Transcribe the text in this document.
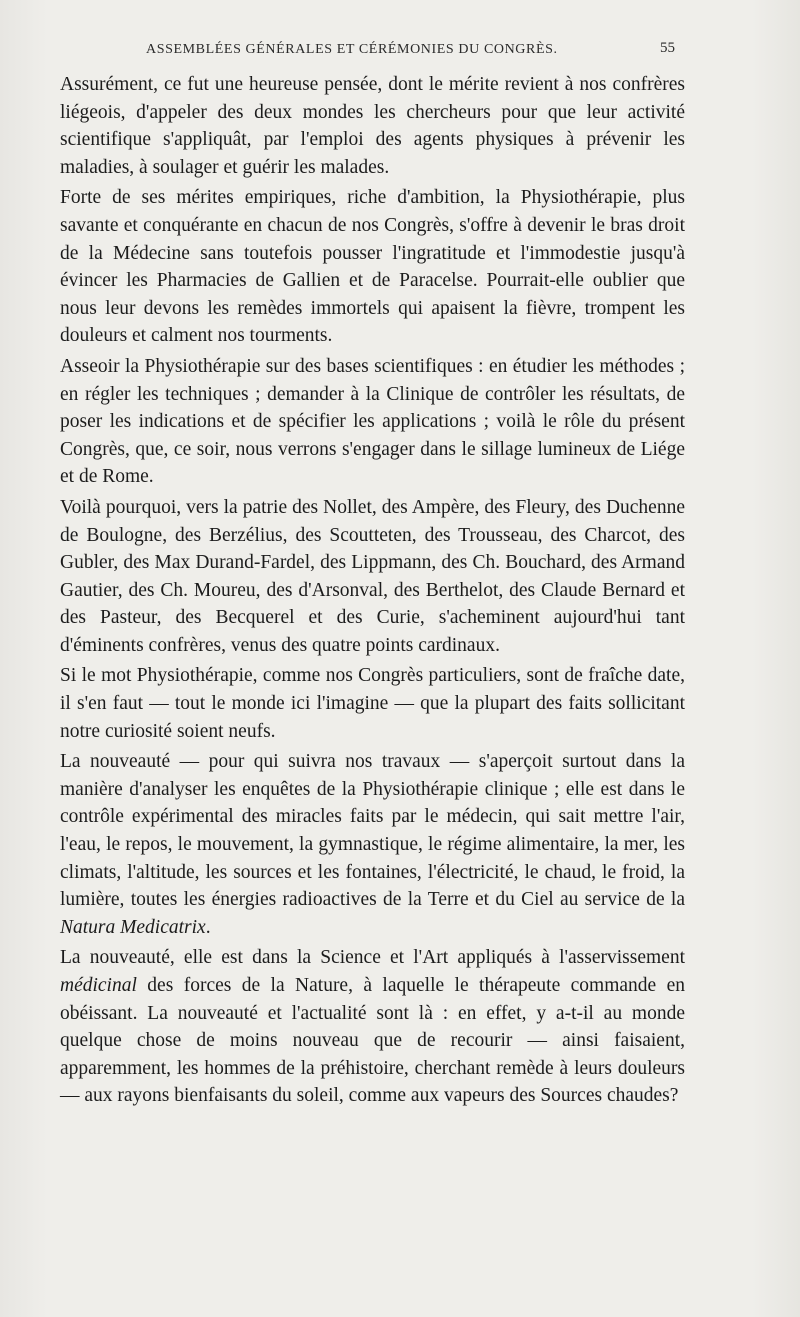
ASSEMBLÉES GÉNÉRALES ET CÉRÉMONIES DU CONGRÈS.	55

Assurément, ce fut une heureuse pensée, dont le mérite revient à nos confrères liégeois, d'appeler des deux mondes les chercheurs pour que leur activité scientifique s'appliquât, par l'emploi des agents physiques à prévenir les maladies, à soulager et guérir les malades.

Forte de ses mérites empiriques, riche d'ambition, la Physiothérapie, plus savante et conquérante en chacun de nos Congrès, s'offre à devenir le bras droit de la Médecine sans toutefois pousser l'ingratitude et l'immodestie jusqu'à évincer les Pharmacies de Gallien et de Paracelse. Pourrait-elle oublier que nous leur devons les remèdes immortels qui apaisent la fièvre, trompent les douleurs et calment nos tourments.

Asseoir la Physiothérapie sur des bases scientifiques : en étudier les méthodes ; en régler les techniques ; demander à la Clinique de contrôler les résultats, de poser les indications et de spécifier les applications ; voilà le rôle du présent Congrès, que, ce soir, nous verrons s'engager dans le sillage lumineux de Liége et de Rome.

Voilà pourquoi, vers la patrie des Nollet, des Ampère, des Fleury, des Duchenne de Boulogne, des Berzélius, des Scoutteten, des Trousseau, des Charcot, des Gubler, des Max Durand-Fardel, des Lippmann, des Ch. Bouchard, des Armand Gautier, des Ch. Moureu, des d'Arsonval, des Berthelot, des Claude Bernard et des Pasteur, des Becquerel et des Curie, s'acheminent aujourd'hui tant d'éminents confrères, venus des quatre points cardinaux.

Si le mot Physiothérapie, comme nos Congrès particuliers, sont de fraîche date, il s'en faut — tout le monde ici l'imagine — que la plupart des faits sollicitant notre curiosité soient neufs.

La nouveauté — pour qui suivra nos travaux — s'aperçoit surtout dans la manière d'analyser les enquêtes de la Physiothérapie clinique ; elle est dans le contrôle expérimental des miracles faits par le médecin, qui sait mettre l'air, l'eau, le repos, le mouvement, la gymnastique, le régime alimentaire, la mer, les climats, l'altitude, les sources et les fontaines, l'électricité, le chaud, le froid, la lumière, toutes les énergies radioactives de la Terre et du Ciel au service de la Natura Medicatrix.

La nouveauté, elle est dans la Science et l'Art appliqués à l'asservissement médicinal des forces de la Nature, à laquelle le thérapeute commande en obéissant. La nouveauté et l'actualité sont là : en effet, y a-t-il au monde quelque chose de moins nouveau que de recourir — ainsi faisaient, apparemment, les hommes de la préhistoire, cherchant remède à leurs douleurs — aux rayons bienfaisants du soleil, comme aux vapeurs des Sources chaudes?
